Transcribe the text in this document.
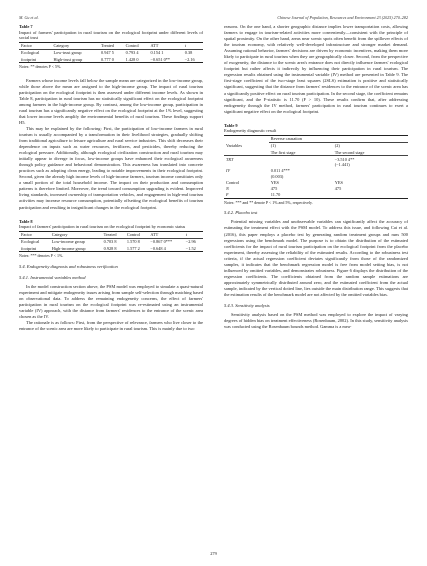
M. Gu et al.	Chinese Journal of Population, Resources and Environment 23 (2025) 270–282
Table 7
Impact of farmers' participation in rural tourism on the ecological footprint under different levels of social trust
Factor	Category	Treated	Control	ATT	t
Ecological	Low-trust group	0.947 5	0.793 4	0.154 1	0.38
footprint	High-trust group	0.777 0	1.428 0	−0.651 0**	−2.16
Notes: ** denotes P < 5%.

Farmers whose income levels fall below the sample mean are categorized in the low-income group, while those above the mean are assigned to the high-income group. The impact of rural tourism participation on the ecological footprint is then assessed under different income levels. As shown in Table 8, participation in rural tourism has no statistically significant effect on the ecological footprint among farmers in the high-income group. By contrast, among the low-income group, participation in rural tourism has a significantly negative effect on the ecological footprint at the 1% level, suggesting that lower income levels amplify the environmental benefits of rural tourism. These findings support H5.

This may be explained by the following: First, the participation of low-income farmers in rural tourism is usually accompanied by a transformation in their livelihood strategies, gradually shifting from traditional agriculture to leisure agriculture and rural service industries. This shift decreases their dependence on inputs such as water resources, fertilizers, and pesticides, thereby reducing the ecological pressure. Additionally, although ecological civilization construction and rural tourism may initially appear to diverge in focus, low-income groups have enhanced their ecological awareness through policy guidance and behavioral demonstration. This awareness has translated into concrete practices such as adopting clean energy, leading to notable improvements in their ecological footprint. Second, given the already high income levels of high-income farmers, tourism income constitutes only a small portion of the total household income. The impact on their production and consumption patterns is therefore limited. Moreover, the trend toward consumption upgrading is evident. Improved living standards, increased ownership of transportation vehicles, and engagement in high-end tourism activities may increase resource consumption, potentially offsetting the ecological benefits of tourism participation and resulting in insignificant changes in the ecological footprint.

Table 8
Impact of farmers' participation in rural tourism on the ecological footprint by economic status
Factor	Category	Treated	Control	ATT	t
Ecological	Low-income group	0.703 8	1.570 8	−0.867 0***	−2.96
footprint	High-income group	0.928 8	1.577 2	−0.648 4	−1.52
Notes: *** denotes P < 1%.
5.4. Endogeneity diagnosis and robustness verification
5.4.1. Instrumental variables method

In the model construction section above, the PSM model was employed to simulate a quasi-natural experiment and mitigate endogeneity issues arising from sample self-selection through matching based on observational data. To address the remaining endogeneity concerns, the effect of farmers' participation in rural tourism on the ecological footprint was re-estimated using an instrumental variable (IV) approach, with the distance from farmers' residences to the entrance of the scenic area chosen as the IV.

The rationale is as follows: First, from the perspective of relevance, farmers who live closer to the entrance of the scenic area are more likely to participate in rural tourism. This is mainly due to two

reasons. On the one hand, a shorter geographic distance implies lower transportation costs, allowing farmers to engage in tourism-related activities more conveniently—consistent with the principle of spatial proximity. On the other hand, areas near scenic spots often benefit from the spillover effects of the tourism economy, with relatively well-developed infrastructure and stronger market demand. Assuming rational behavior, farmers' decisions are driven by economic incentives, making them more likely to participate in rural tourism when they are geographically closer. Second, from the perspective of exogeneity, the distance to the scenic area's entrance does not directly influence farmers' ecological footprint but rather affects it indirectly by influencing their participation in rural tourism. The regression results obtained using the instrumental variable (IV) method are presented in Table 9. The first-stage coefficient of the two-stage least squares (2SLS) estimation is positive and statistically significant, suggesting that the distance from farmers' residences to the entrance of the scenic area has a significantly positive effect on rural tourism participation. In the second stage, the coefficient remains significant, and the F-statistic is 11.70 (F > 10). These results confirm that, after addressing endogeneity through the IV method, farmers' participation in rural tourism continues to exert a significant negative effect on the ecological footprint.

Table 9
Endogeneity diagnostic result
Variables	Reverse causation	
	(1)	(2)
	The first stage	The second stage
TRT		−3.510 4**
(−1.441)

IV	0.011 4***
(0.003)	

Control	YES	YES
N	475	475
F	11.70	
Notes: *** and ** denote P < 1% and 5%, respectively.
5.4.2. Placebo test

Potential missing variables and unobservable variables can significantly affect the accuracy of estimating the treatment effect with the PSM model. To address this issue, and following Cai et al. (2016), this paper employs a placebo test by generating random treatment groups and runs 500 regressions using the benchmark model. The purpose is to obtain the distribution of the estimated coefficients for the impact of rural tourism participation on the ecological footprint from the placebo experiment, thereby assessing the reliability of the estimated results. According to the robustness test criteria, if the actual regression coefficient deviates significantly from those of the randomized samples, it indicates that the benchmark regression model is free from model setting bias, is not influenced by omitted variables, and demonstrates robustness. Figure 6 displays the distribution of the regression coefficients. The coefficients obtained from the random sample estimations are approximately symmetrically distributed around zero, and the estimated coefficient from the actual sample, indicated by the vertical dotted line, lies outside the main distribution range. This suggests that the estimation results of the benchmark model are not affected by the omitted variables bias.

5.4.3. Sensitivity analysis

Sensitivity analysis based on the PSM method was employed to explore the impact of varying degrees of hidden bias on treatment effectiveness (Rosenbaum, 2002). In this study, sensitivity analysis was conducted using the Rosenbaum bounds method. Gamma is a mea-

279
